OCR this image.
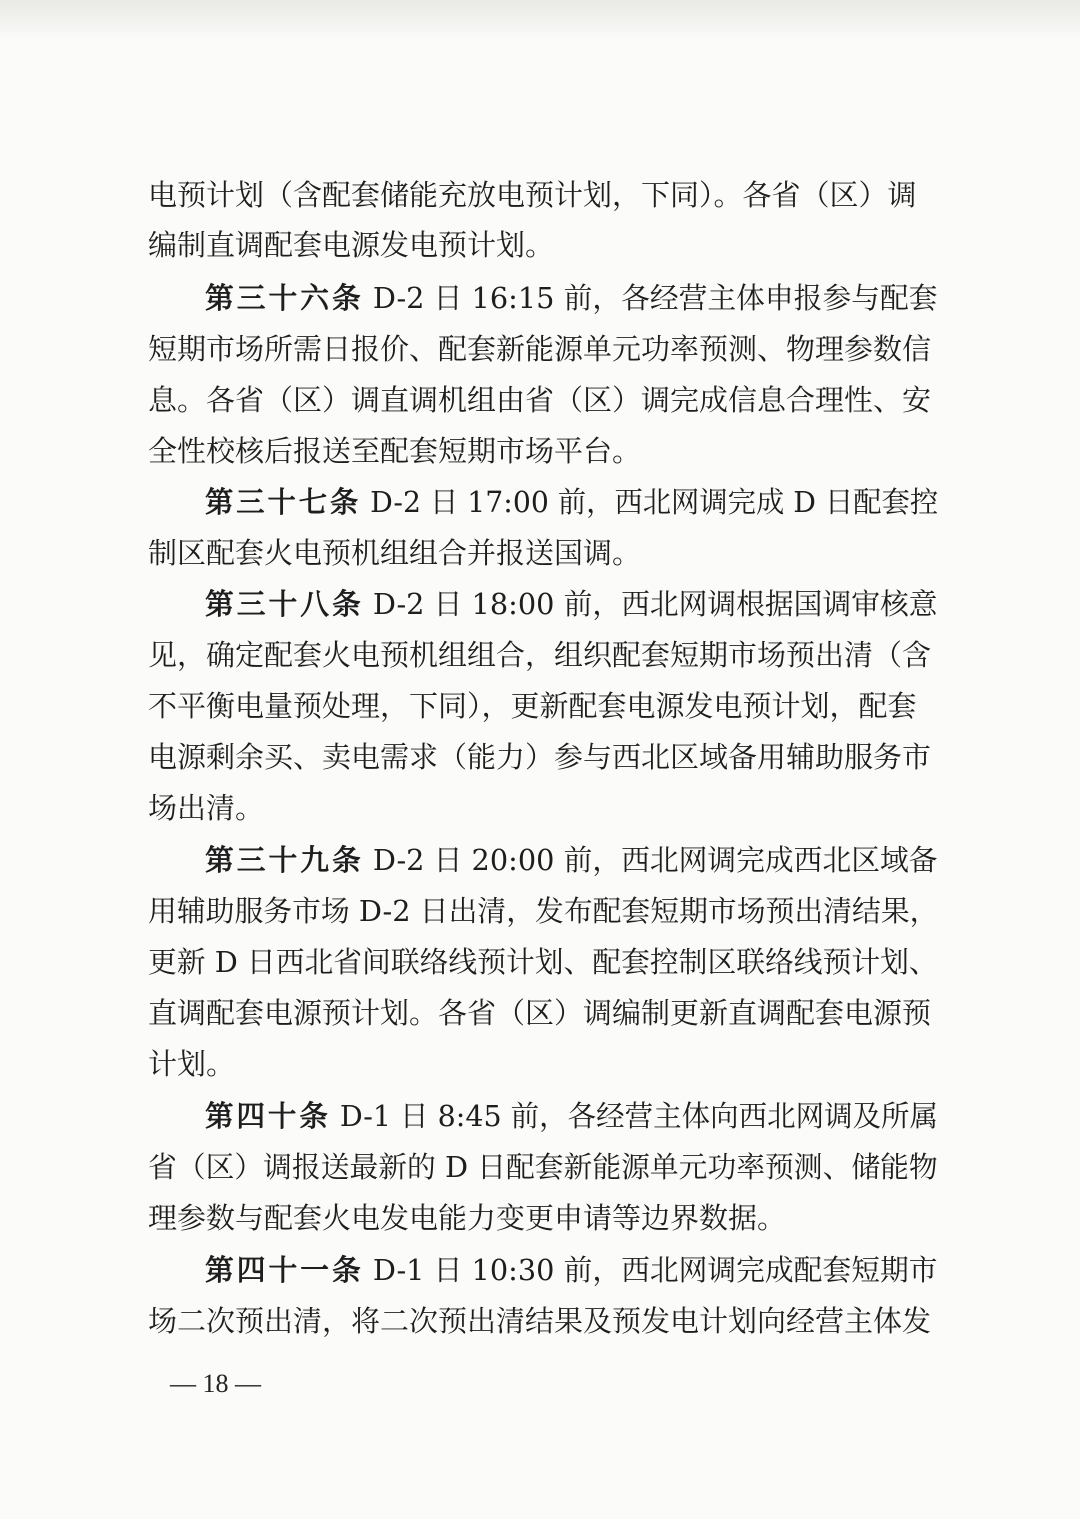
电预计划（含配套储能充放电预计划，下同）。各省（区）调
编制直调配套电源发电预计划。
第三十六条 D-2 日 16:15 前，各经营主体申报参与配套
短期市场所需日报价、配套新能源单元功率预测、物理参数信
息。各省（区）调直调机组由省（区）调完成信息合理性、安
全性校核后报送至配套短期市场平台。
第三十七条 D-2 日 17:00 前，西北网调完成 D 日配套控
制区配套火电预机组组合并报送国调。
第三十八条 D-2 日 18:00 前，西北网调根据国调审核意
见，确定配套火电预机组组合，组织配套短期市场预出清（含
不平衡电量预处理，下同），更新配套电源发电预计划，配套
电源剩余买、卖电需求（能力）参与西北区域备用辅助服务市
场出清。
第三十九条 D-2 日 20:00 前，西北网调完成西北区域备
用辅助服务市场 D-2 日出清，发布配套短期市场预出清结果，
更新 D 日西北省间联络线预计划、配套控制区联络线预计划、
直调配套电源预计划。各省（区）调编制更新直调配套电源预
计划。
第四十条 D-1 日 8:45 前，各经营主体向西北网调及所属
省（区）调报送最新的 D 日配套新能源单元功率预测、储能物
理参数与配套火电发电能力变更申请等边界数据。
第四十一条 D-1 日 10:30 前，西北网调完成配套短期市
场二次预出清，将二次预出清结果及预发电计划向经营主体发
— 18 —
